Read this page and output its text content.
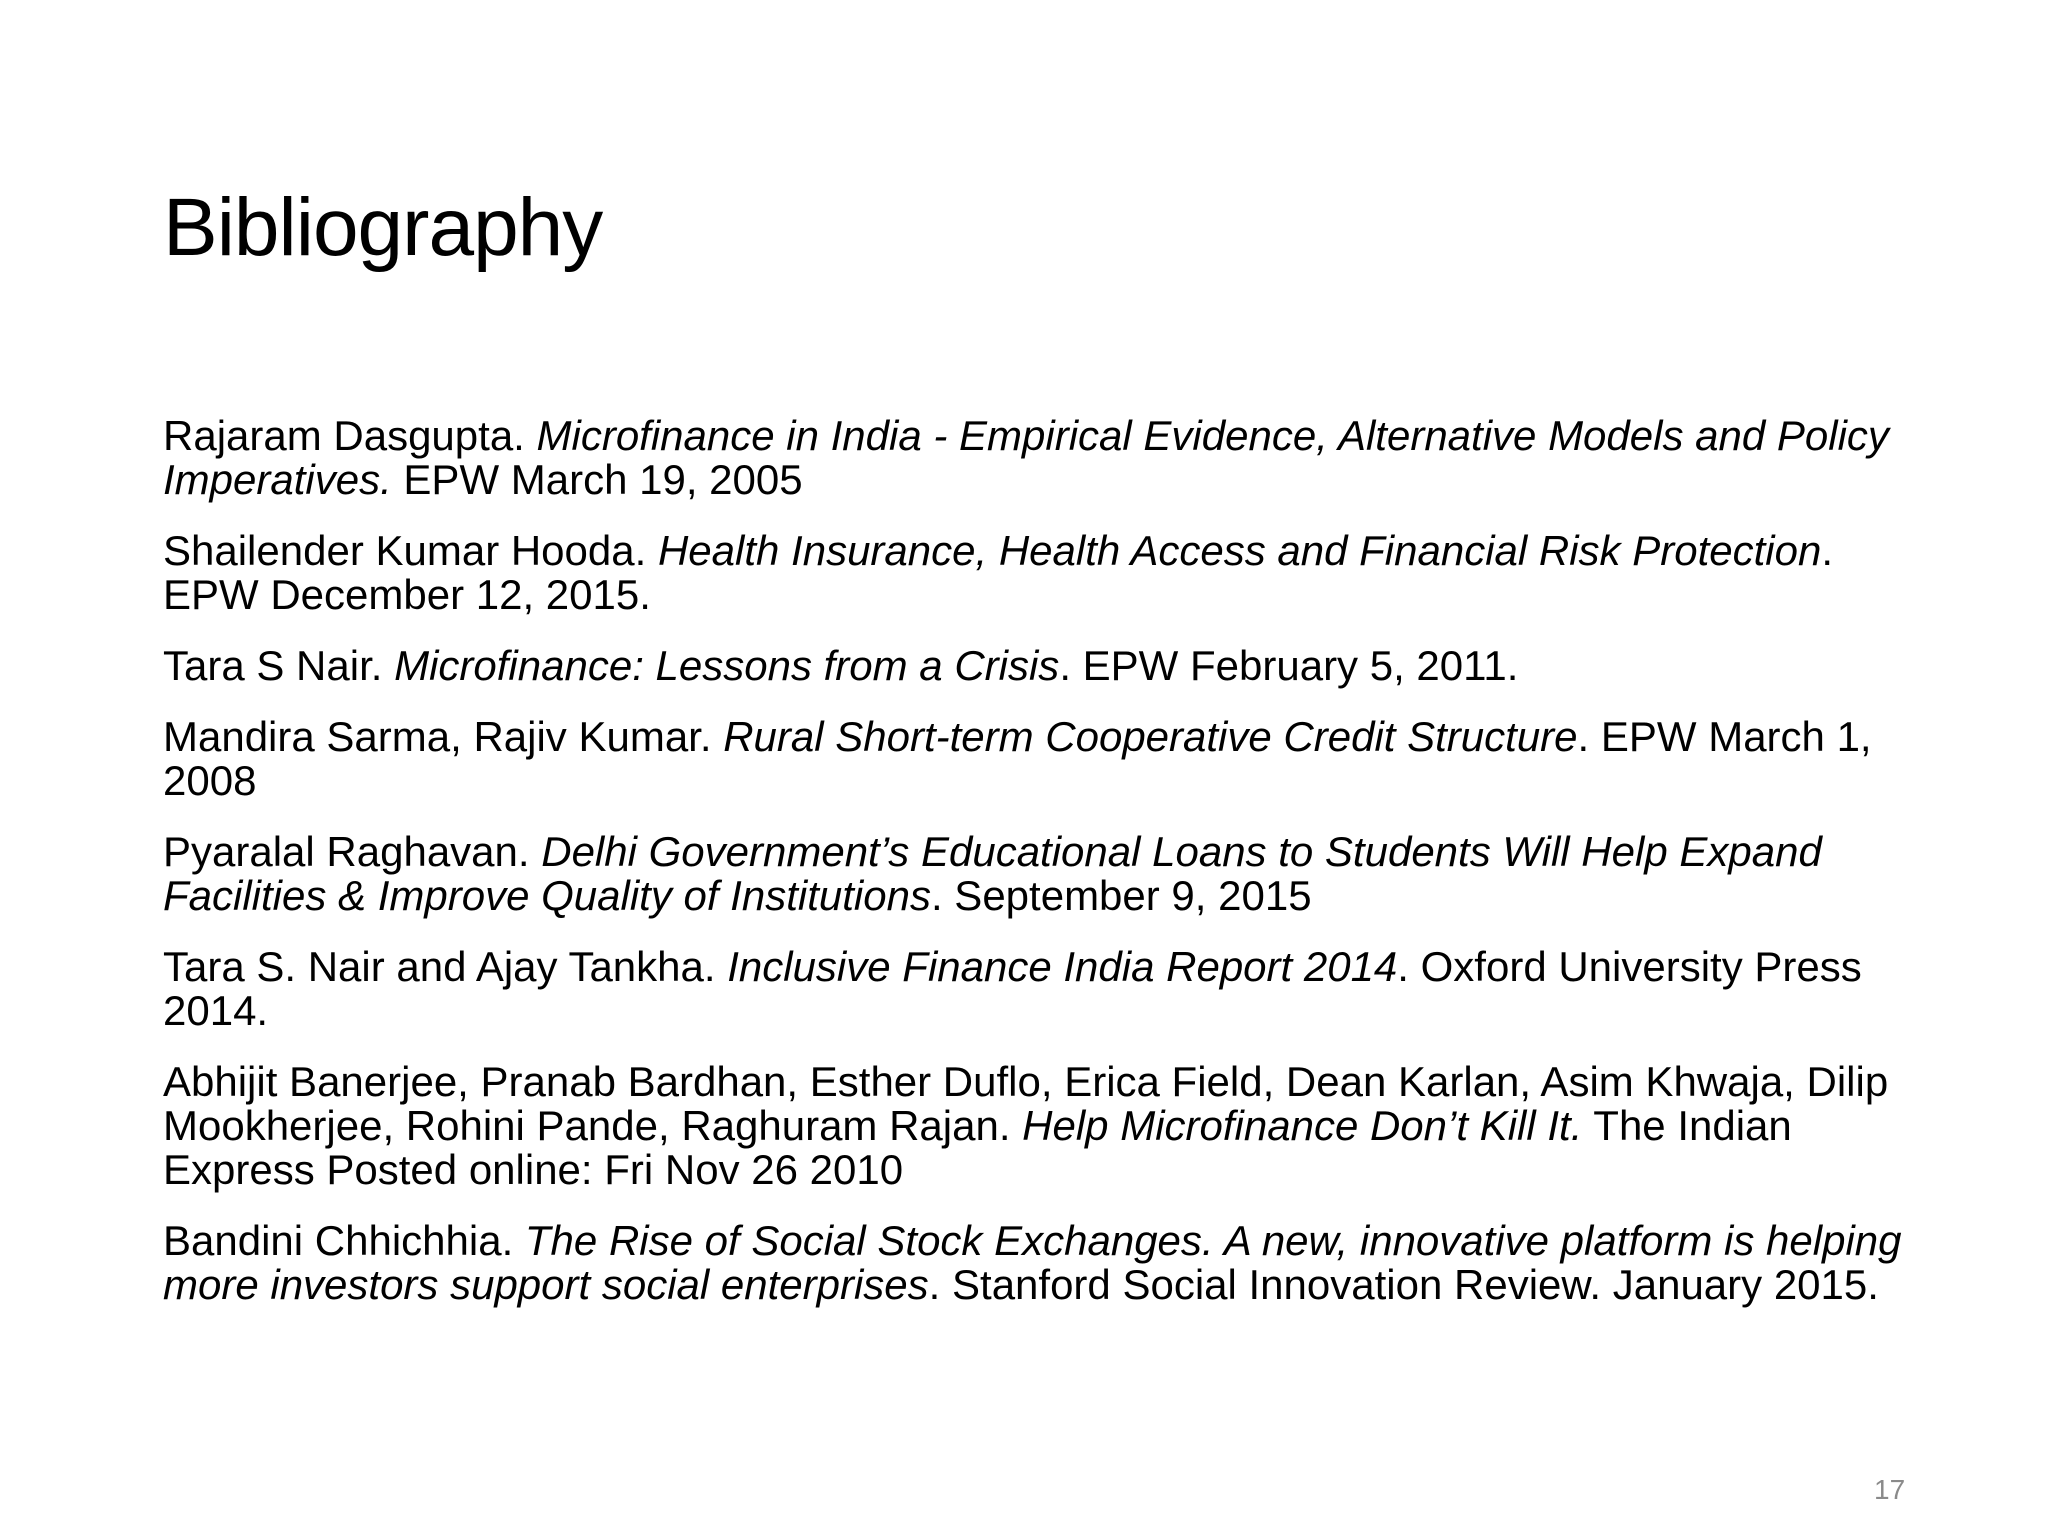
Bibliography
Rajaram Dasgupta. Microfinance in India - Empirical Evidence, Alternative Models and Policy Imperatives. EPW March 19, 2005
Shailender Kumar Hooda. Health Insurance, Health Access and Financial Risk Protection. EPW December 12, 2015.
Tara S Nair. Microfinance: Lessons from a Crisis. EPW February 5, 2011.
Mandira Sarma, Rajiv Kumar. Rural Short-term Cooperative Credit Structure. EPW March 1, 2008
Pyaralal Raghavan. Delhi Government’s Educational Loans to Students Will Help Expand Facilities & Improve Quality of Institutions. September 9, 2015
Tara S. Nair and Ajay Tankha. Inclusive Finance India Report 2014. Oxford University Press 2014.
Abhijit Banerjee, Pranab Bardhan, Esther Duflo, Erica Field, Dean Karlan, Asim Khwaja, Dilip Mookherjee, Rohini Pande, Raghuram Rajan. Help Microfinance Don’t Kill It. The Indian Express Posted online: Fri Nov 26 2010
Bandini Chhichhia. The Rise of Social Stock Exchanges. A new, innovative platform is helping more investors support social enterprises. Stanford Social Innovation Review. January 2015.
17
